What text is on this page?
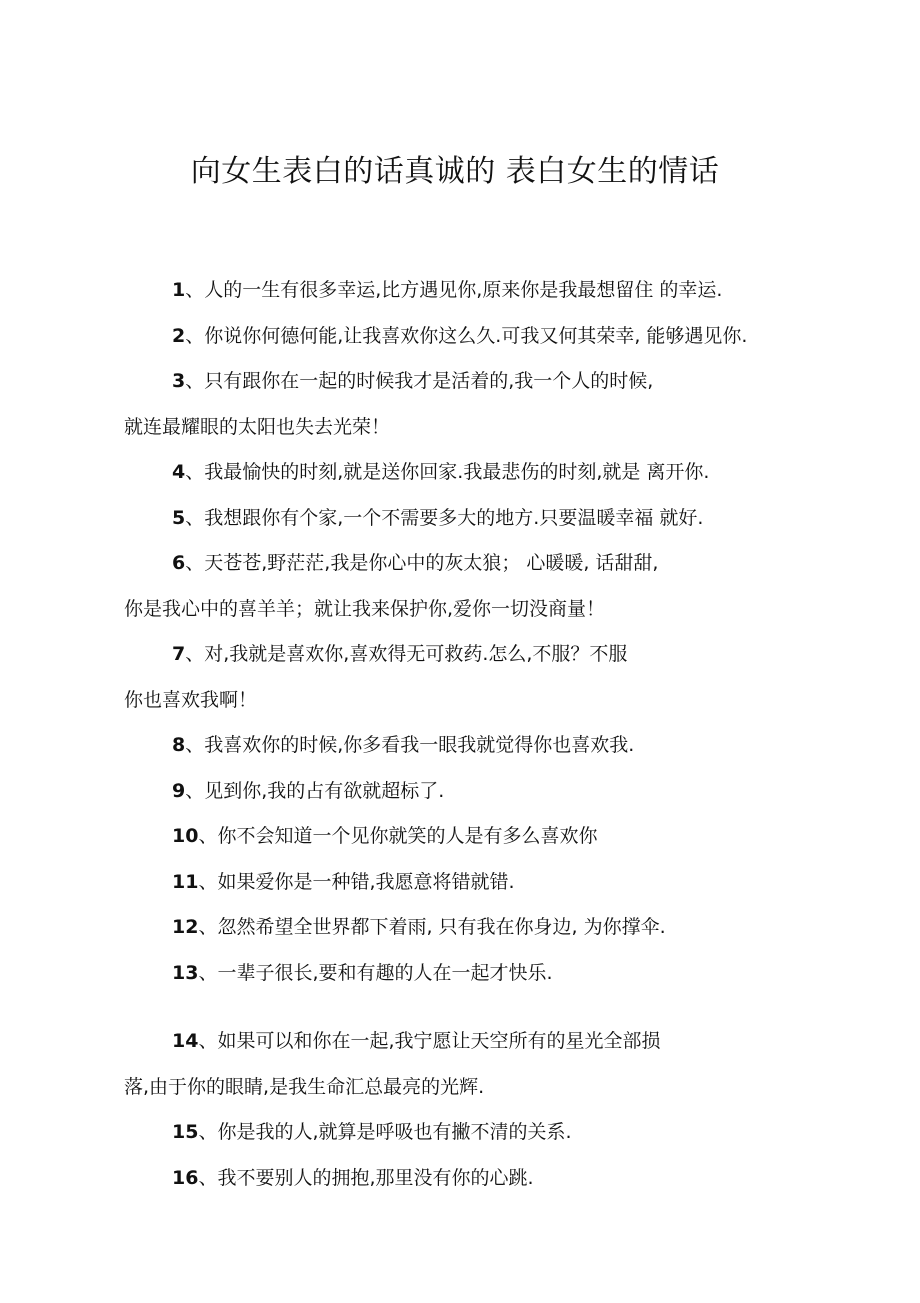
向女生表白的话真诚的 表白女生的情话
1、人的一生有很多幸运,比方遇见你,原来你是我最想留住 的幸运.
2、你说你何德何能,让我喜欢你这么久.可我又何其荣幸, 能够遇见你.
3、只有跟你在一起的时候我才是活着的,我一个人的时候,
就连最耀眼的太阳也失去光荣！
4、我最愉快的时刻,就是送你回家.我最悲伤的时刻,就是 离开你.
5、我想跟你有个家,一个不需要多大的地方.只要温暖幸福 就好.
6、天苍苍,野茫茫,我是你心中的灰太狼； 心暖暖, 话甜甜,
你是我心中的喜羊羊；就让我来保护你,爱你一切没商量！
7、对,我就是喜欢你,喜欢得无可救药.怎么,不服？不服
你也喜欢我啊！
8、我喜欢你的时候,你多看我一眼我就觉得你也喜欢我.
9、见到你,我的占有欲就超标了.
10、你不会知道一个见你就笑的人是有多么喜欢你
11、如果爱你是一种错,我愿意将错就错.
12、忽然希望全世界都下着雨, 只有我在你身边, 为你撑伞.
13、一辈子很长,要和有趣的人在一起才快乐.
14、如果可以和你在一起,我宁愿让天空所有的星光全部损
落,由于你的眼睛,是我生命汇总最亮的光辉.
15、你是我的人,就算是呼吸也有撇不清的关系.
16、我不要别人的拥抱,那里没有你的心跳.
